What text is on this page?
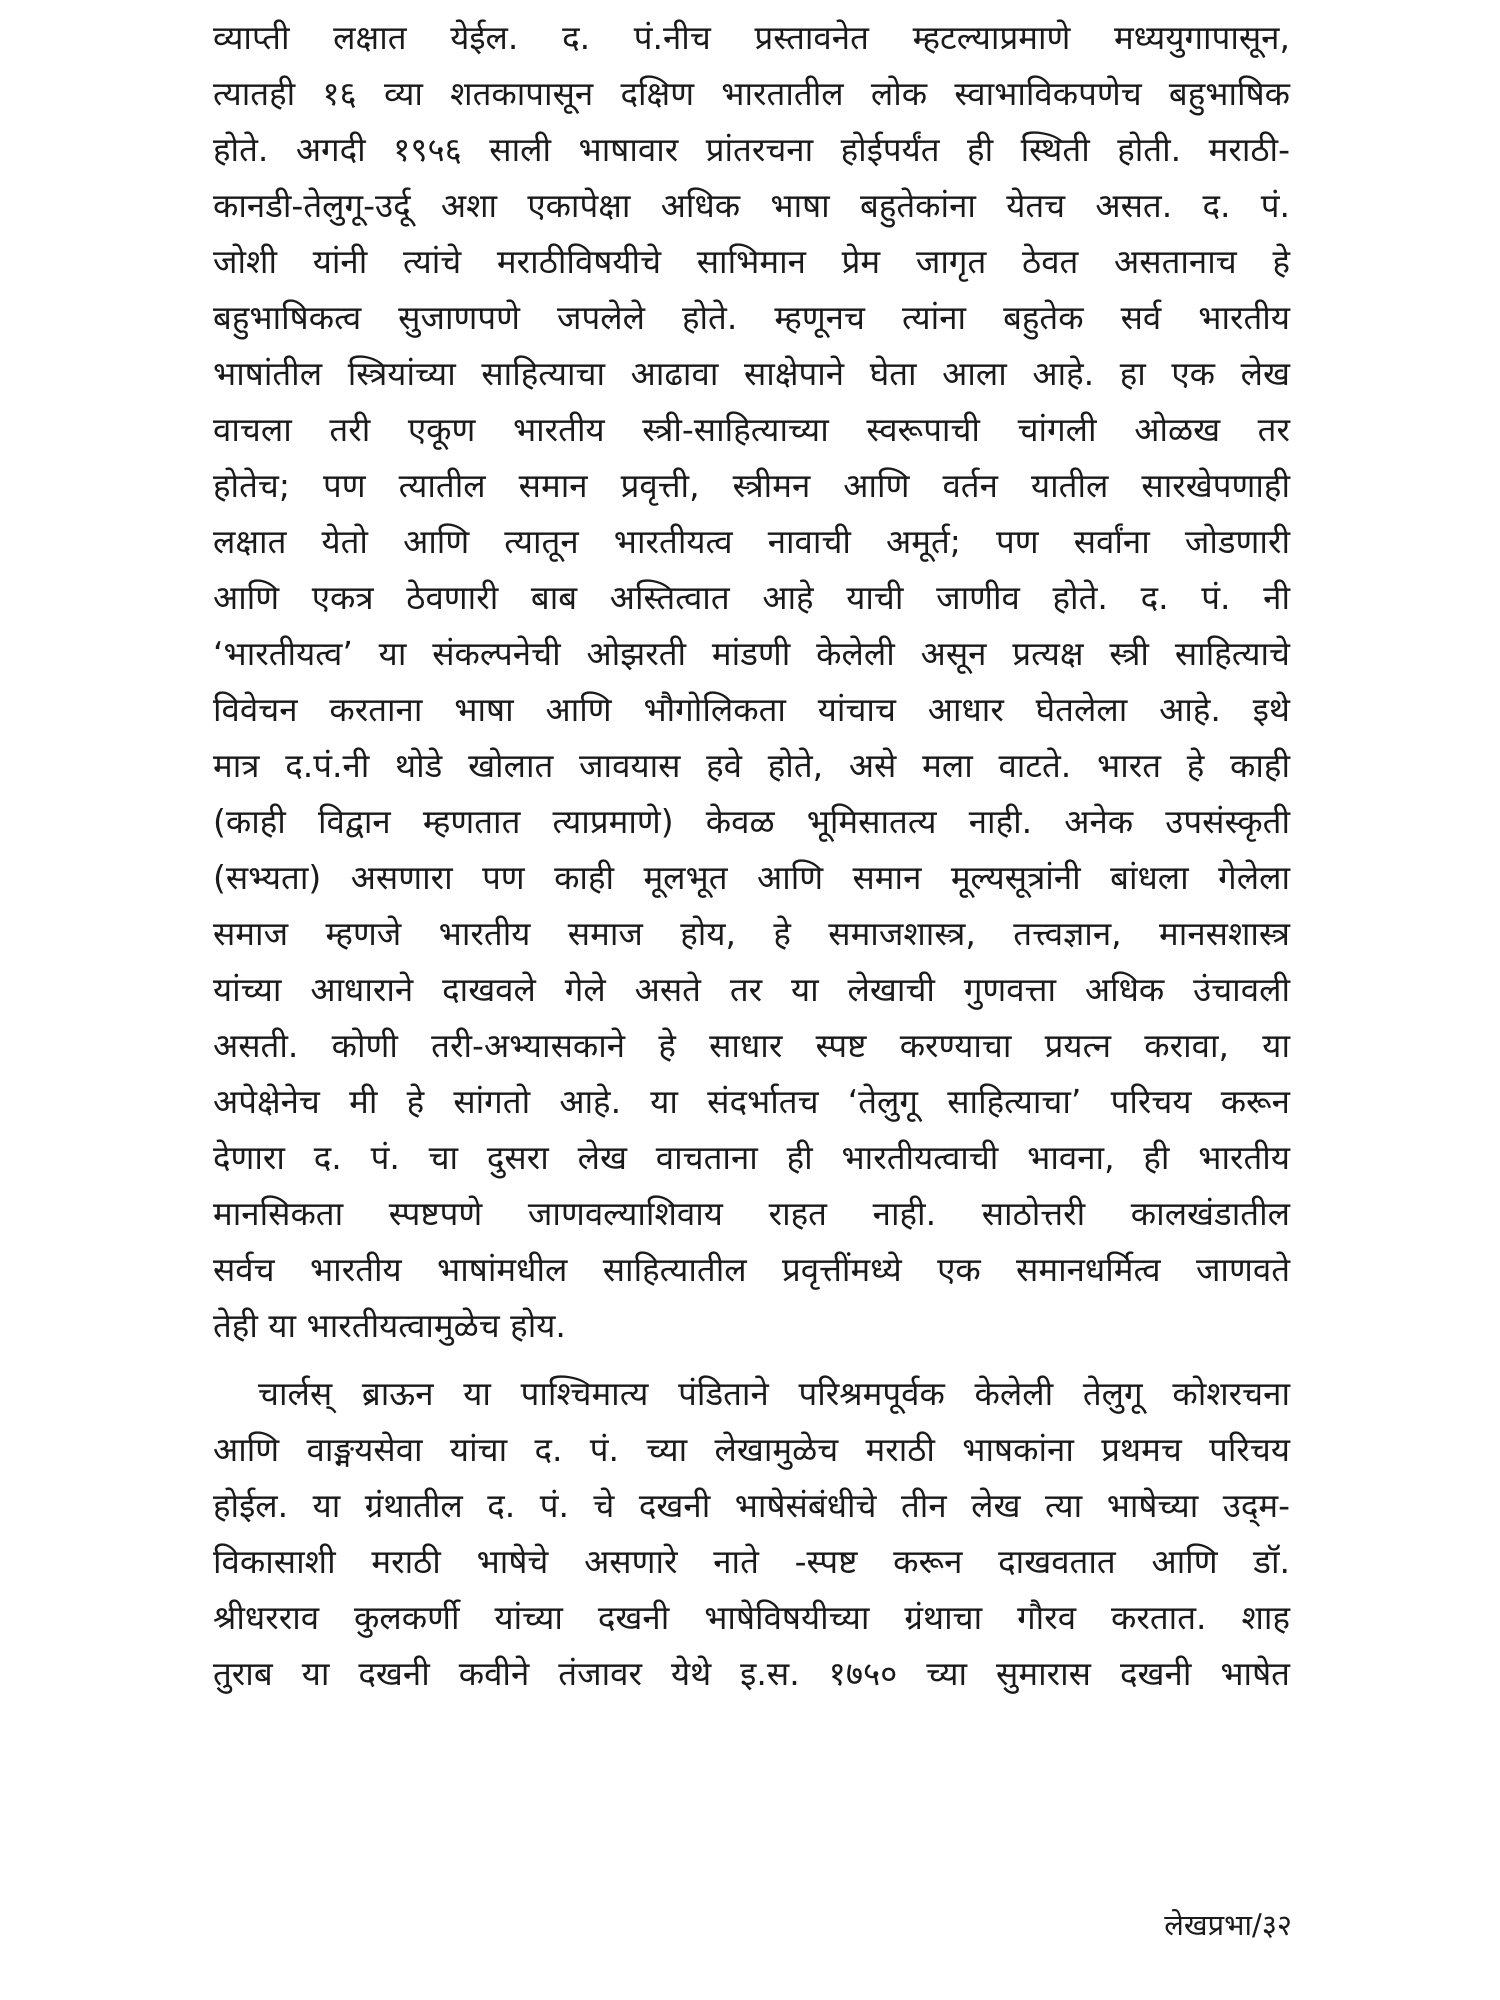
व्याप्ती लक्षात येईल. द. पं.नीच प्रस्तावनेत म्हटल्याप्रमाणे मध्ययुगापासून,
त्यातही १६ व्या शतकापासून दक्षिण भारतातील लोक स्वाभाविकपणेच बहुभाषिक
होते. अगदी १९५६ साली भाषावार प्रांतरचना होईपर्यंत ही स्थिती होती. मराठी-
कानडी-तेलुगू-उर्दू अशा एकापेक्षा अधिक भाषा बहुतेकांना येतच असत. द. पं.
जोशी यांनी त्यांचे मराठीविषयीचे साभिमान प्रेम जागृत ठेवत असतानाच हे
बहुभाषिकत्व सुजाणपणे जपलेले होते. म्हणूनच त्यांना बहुतेक सर्व भारतीय
भाषांतील स्त्रियांच्या साहित्याचा आढावा साक्षेपाने घेता आला आहे. हा एक लेख
वाचला तरी एकूण भारतीय स्त्री-साहित्याच्या स्वरूपाची चांगली ओळख तर
होतेच; पण त्यातील समान प्रवृत्ती, स्त्रीमन आणि वर्तन यातील सारखेपणाही
लक्षात येतो आणि त्यातून भारतीयत्व नावाची अमूर्त; पण सर्वांना जोडणारी
आणि एकत्र ठेवणारी बाब अस्तित्वात आहे याची जाणीव होते. द. पं. नी
‘भारतीयत्व’ या संकल्पनेची ओझरती मांडणी केलेली असून प्रत्यक्ष स्त्री साहित्याचे
विवेचन करताना भाषा आणि भौगोलिकता यांचाच आधार घेतलेला आहे. इथे
मात्र द.पं.नी थोडे खोलात जावयास हवे होते, असे मला वाटते. भारत हे काही
(काही विद्वान म्हणतात त्याप्रमाणे) केवळ भूमिसातत्य नाही. अनेक उपसंस्कृती
(सभ्यता) असणारा पण काही मूलभूत आणि समान मूल्यसूत्रांनी बांधला गेलेला
समाज म्हणजे भारतीय समाज होय, हे समाजशास्त्र, तत्त्वज्ञान, मानसशास्त्र
यांच्या आधाराने दाखवले गेले असते तर या लेखाची गुणवत्ता अधिक उंचावली
असती. कोणी तरी-अभ्यासकाने हे साधार स्पष्ट करण्याचा प्रयत्न करावा, या
अपेक्षेनेच मी हे सांगतो आहे. या संदर्भातच ‘तेलुगू साहित्याचा’ परिचय करून
देणारा द. पं. चा दुसरा लेख वाचताना ही भारतीयत्वाची भावना, ही भारतीय
मानसिकता स्पष्टपणे जाणवल्याशिवाय राहत नाही. साठोत्तरी कालखंडातील
सर्वच भारतीय भाषांमधील साहित्यातील प्रवृत्तींमध्ये एक समानधर्मित्व जाणवते
तेही या भारतीयत्वामुळेच होय.
चार्लस् ब्राऊन या पाश्चिमात्य पंडिताने परिश्रमपूर्वक केलेली तेलुगू कोशरचना
आणि वाङ्मयसेवा यांचा द. पं. च्या लेखामुळेच मराठी भाषकांना प्रथमच परिचय
होईल. या ग्रंथातील द. पं. चे दखनी भाषेसंबंधीचे तीन लेख त्या भाषेच्या उद्‌म-
विकासाशी मराठी भाषेचे असणारे नाते -स्पष्ट करून दाखवतात आणि डॉ.
श्रीधरराव कुलकर्णी यांच्या दखनी भाषेविषयीच्या ग्रंथाचा गौरव करतात. शाह
तुराब या दखनी कवीने तंजावर येथे इ.स. १७५० च्या सुमारास दखनी भाषेत
लेखप्रभा/३२
